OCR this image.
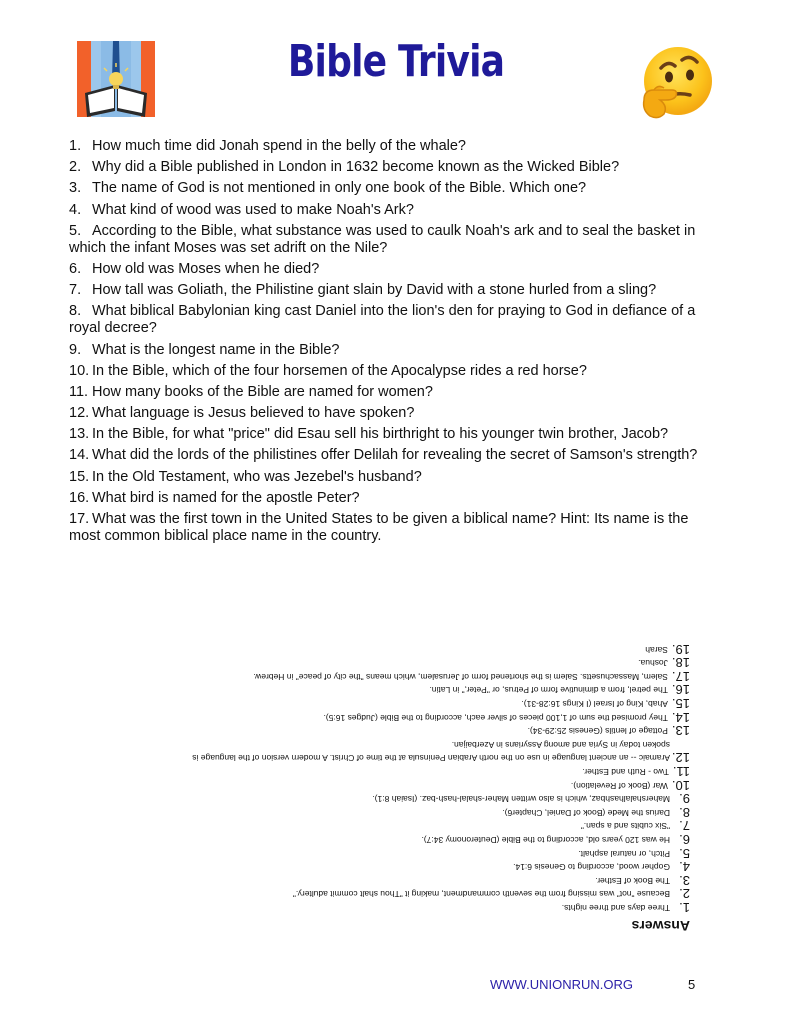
Bible Trivia
1. How much time did Jonah spend in the belly of the whale?
2. Why did a Bible published in London in 1632 become known as the Wicked Bible?
3. The name of God is not mentioned in only one book of the Bible. Which one?
4. What kind of wood was used to make Noah's Ark?
5. According to the Bible, what substance was used to caulk Noah's ark and to seal the basket in which the infant Moses was set adrift on the Nile?
6. How old was Moses when he died?
7. How tall was Goliath, the Philistine giant slain by David with a stone hurled from a sling?
8. What biblical Babylonian king cast Daniel into the lion's den for praying to God in defiance of a royal decree?
9. What is the longest name in the Bible?
10. In the Bible, which of the four horsemen of the Apocalypse rides a red horse?
11. How many books of the Bible are named for women?
12. What language is Jesus believed to have spoken?
13. In the Bible, for what "price" did Esau sell his birthright to his younger twin brother, Jacob?
14. What did the lords of the philistines offer Delilah for revealing the secret of Samson's strength?
15. In the Old Testament, who was Jezebel's husband?
16. What bird is named for the apostle Peter?
17. What was the first town in the United States to be given a biblical name? Hint: Its name is the most common biblical place name in the country.
Answers
1.
Three days and three nights.
2.
Because "not" was missing from the seventh commandment, making it "Thou shalt commit adultery."
3.
The Book of Esther.
4.
Gopher wood, according to Genesis 6:14.
5.
Pitch, or natural asphalt.
6.
He was 120 years old, according to the Bible (Deuteronomy 34:7).
7.
"Six cubits and a span."
8.
Darius the Mede (Book of Daniel, Chapter6).
9.
Mahershalalhashbaz, which is also written Maher-shalal-hash-baz. (Isaiah 8:1).
10.
War (Book of Revelation).
11.
Two - Ruth and Esther.
12.
Aramaic -- an ancient language in use on the north Arabian Peninsula at the time of Christ. A modern version of the language is spoken today in Syria and among Assyrians in Azerbaijan.
13.
Pottage of lentils (Genesis 25:29-34).
14.
They promised the sum of 1,100 pieces of silver each, according to the Bible (Judges 16:5).
15.
Ahab, King of Israel (I Kings 16:28-31).
16.
The petrel, from a diminutive form of Petrus, or "Peter," in Latin.
17.
Salem, Massachusetts. Salem is the shortened form of Jerusalem, which means "the city of peace" in Hebrew.
18.
Joshua.
19.
Sarah
WWW.UNIONRUN.ORG	5
